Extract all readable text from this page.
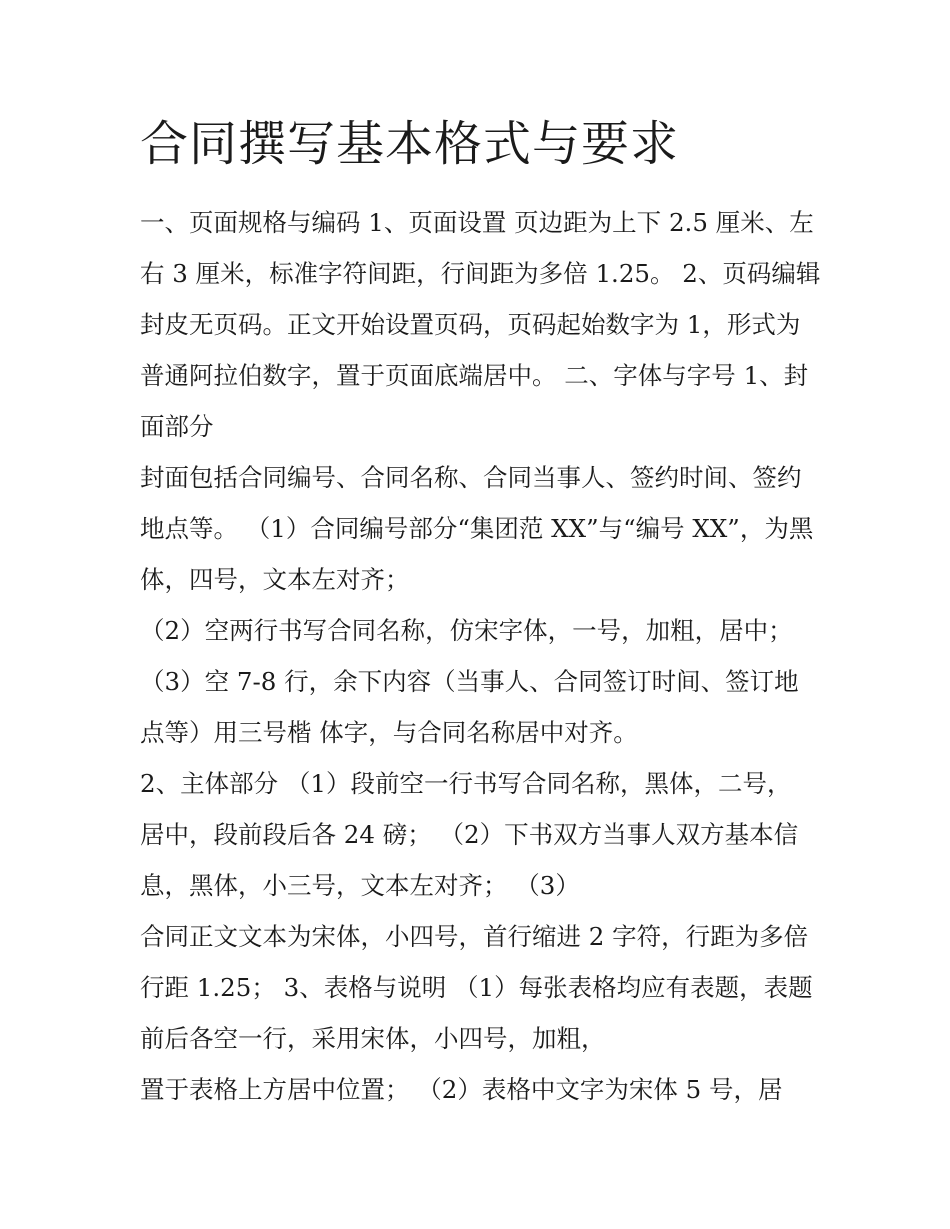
合同撰写基本格式与要求
一、页面规格与编码 1、页面设置 页边距为上下 2.5 厘米、左
右 3 厘米，标准字符间距，行间距为多倍 1.25。 2、页码编辑
封皮无页码。正文开始设置页码，页码起始数字为 1，形式为
普通阿拉伯数字，置于页面底端居中。 二、字体与字号 1、封
面部分
封面包括合同编号、合同名称、合同当事人、签约时间、签约
地点等。 （1）合同编号部分“集团范 XX”与“编号 XX”，为黑
体，四号，文本左对齐；
（2）空两行书写合同名称，仿宋字体，一号，加粗，居中；
（3）空 7-8 行，余下内容（当事人、合同签订时间、签订地
点等）用三号楷 体字，与合同名称居中对齐。
2、主体部分 （1）段前空一行书写合同名称，黑体，二号，
居中，段前段后各 24 磅； （2）下书双方当事人双方基本信
息，黑体，小三号，文本左对齐； （3）
合同正文文本为宋体，小四号，首行缩进 2 字符，行距为多倍
行距 1.25； 3、表格与说明 （1）每张表格均应有表题，表题
前后各空一行，采用宋体，小四号，加粗，
置于表格上方居中位置； （2）表格中文字为宋体 5 号，居
